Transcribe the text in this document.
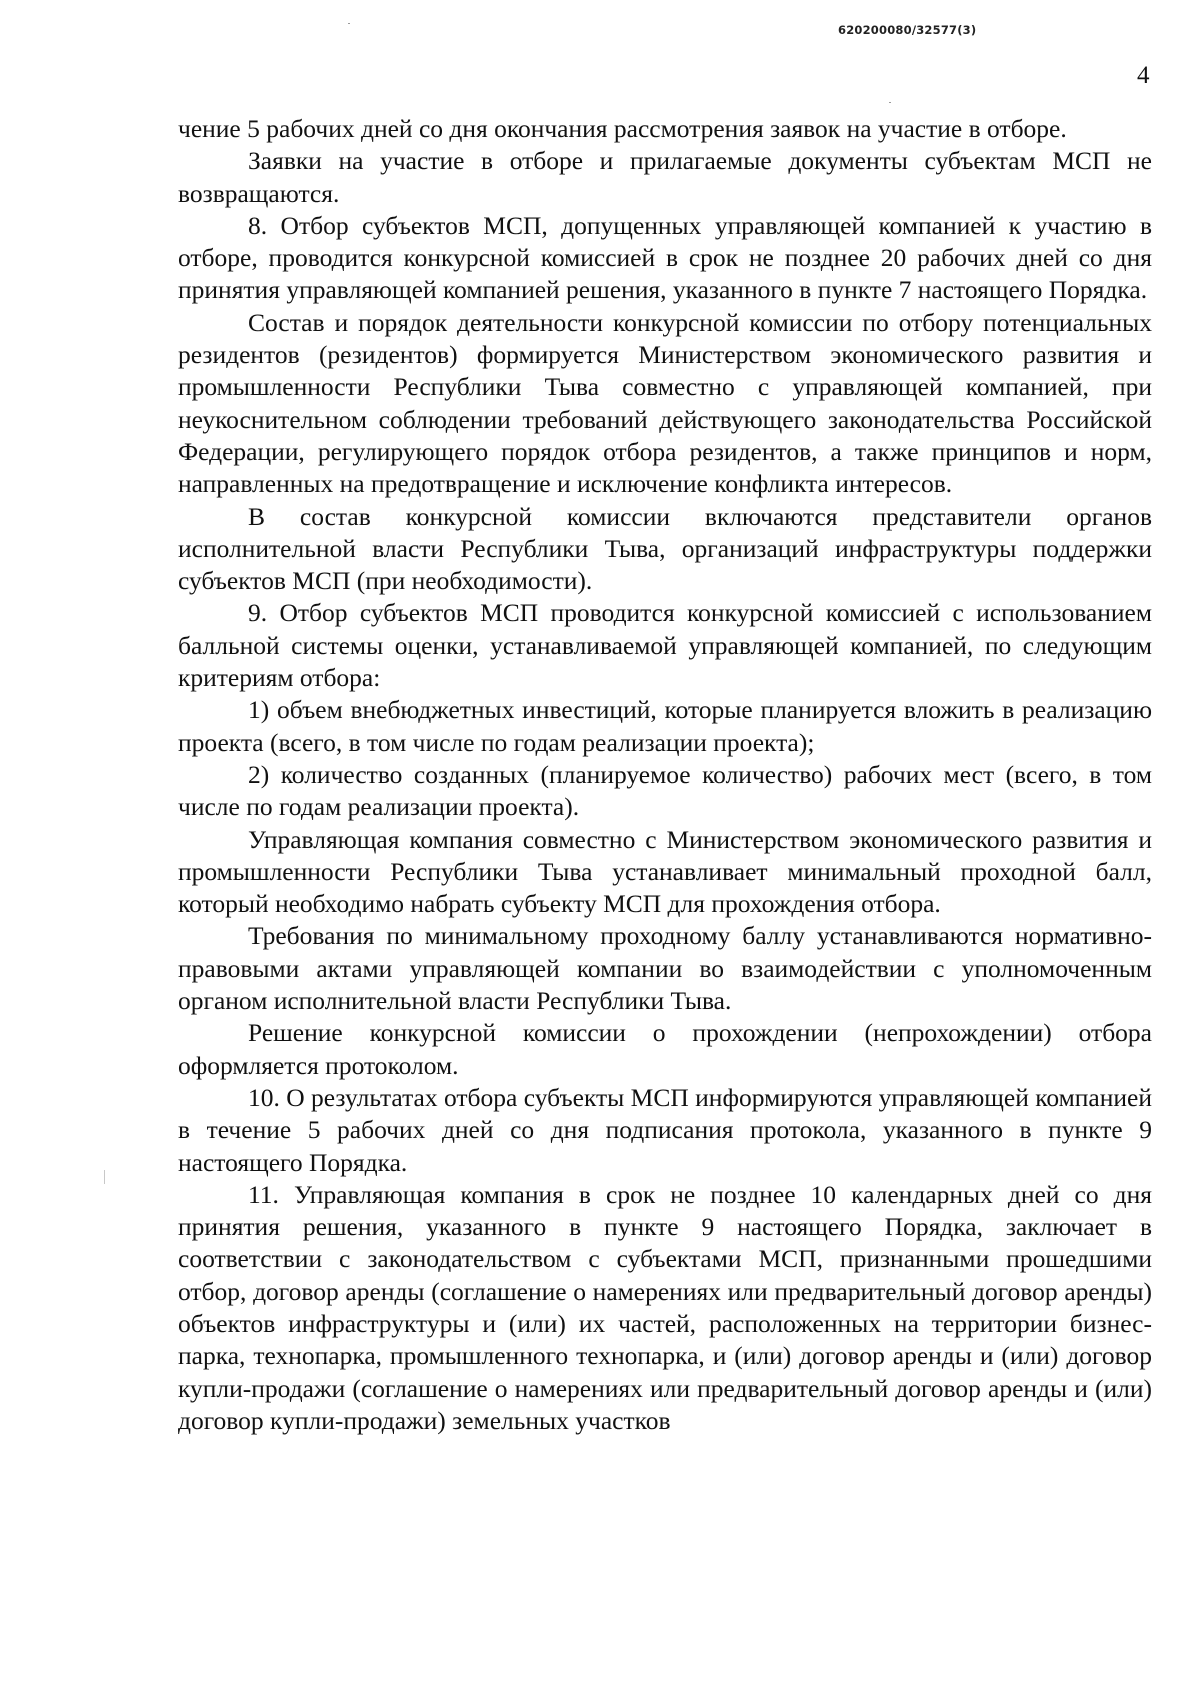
620200080/32577(3)
4

чение 5 рабочих дней со дня окончания рассмотрения заявок на участие в отборе.

Заявки на участие в отборе и прилагаемые документы субъектам МСП не возвращаются.

8. Отбор субъектов МСП, допущенных управляющей компанией к участию в отборе, проводится конкурсной комиссией в срок не позднее 20 рабочих дней со дня принятия управляющей компанией решения, указанного в пункте 7 настоящего Порядка.

Состав и порядок деятельности конкурсной комиссии по отбору потенциальных резидентов (резидентов) формируется Министерством экономического развития и промышленности Республики Тыва совместно с управляющей компанией, при неукоснительном соблюдении требований действующего законодательства Российской Федерации, регулирующего порядок отбора резидентов, а также принципов и норм, направленных на предотвращение и исключение конфликта интересов.

В состав конкурсной комиссии включаются представители органов исполнительной власти Республики Тыва, организаций инфраструктуры поддержки субъектов МСП (при необходимости).

9. Отбор субъектов МСП проводится конкурсной комиссией с использованием балльной системы оценки, устанавливаемой управляющей компанией, по следующим критериям отбора:

1) объем внебюджетных инвестиций, которые планируется вложить в реализацию проекта (всего, в том числе по годам реализации проекта);

2) количество созданных (планируемое количество) рабочих мест (всего, в том числе по годам реализации проекта).

Управляющая компания совместно с Министерством экономического развития и промышленности Республики Тыва устанавливает минимальный проходной балл, который необходимо набрать субъекту МСП для прохождения отбора.

Требования по минимальному проходному баллу устанавливаются нормативно-правовыми актами управляющей компании во взаимодействии с уполномоченным органом исполнительной власти Республики Тыва.

Решение конкурсной комиссии о прохождении (непрохождении) отбора оформляется протоколом.

10. О результатах отбора субъекты МСП информируются управляющей компанией в течение 5 рабочих дней со дня подписания протокола, указанного в пункте 9 настоящего Порядка.

11. Управляющая компания в срок не позднее 10 календарных дней со дня принятия решения, указанного в пункте 9 настоящего Порядка, заключает в соответствии с законодательством с субъектами МСП, признанными прошедшими отбор, договор аренды (соглашение о намерениях или предварительный договор аренды) объектов инфраструктуры и (или) их частей, расположенных на территории бизнес-парка, технопарка, промышленного технопарка, и (или) договор аренды и (или) договор купли-продажи (соглашение о намерениях или предварительный договор аренды и (или) договор купли-продажи) земельных участков
